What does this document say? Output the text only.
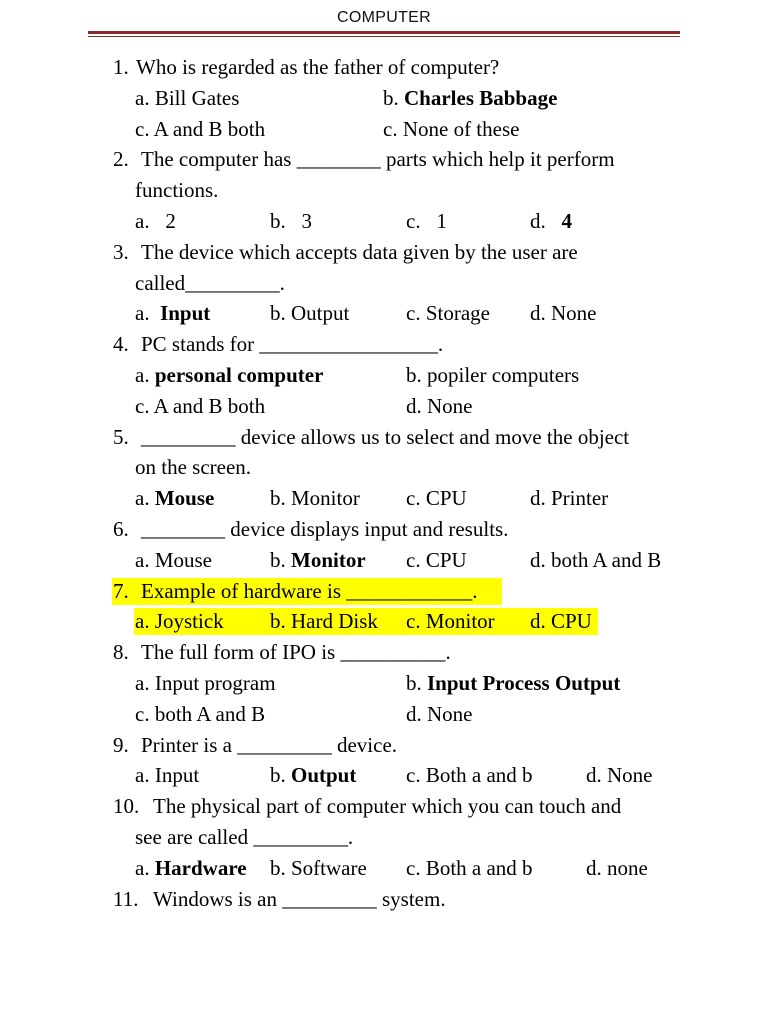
COMPUTER
1. Who is regarded as the father of computer?
a. Bill Gates	b. Charles Babbage
c. A and B both	c. None of these
2. The computer has ________ parts which help it perform
functions.
a. 2	b. 3	c. 1	d. 4
3. The device which accepts data given by the user are
called_________.
a. Input	b. Output	c. Storage d. None
4. PC stands for _________________.
a. personal computer	b. popiler computers
c. A and B both	d. None
5. _________ device allows us to select and move the object
on the screen.
a. Mouse	b. Monitor c. CPU	d. Printer
6. ________ device displays input and results.
a. Mouse	b. Monitor c. CPU	d. both A and B
7. Example of hardware is ____________.
a. Joystick b. Hard Disk c. Monitor d. CPU
8. The full form of IPO is __________.
a. Input program	b. Input Process Output
c. both A and B	d. None
9. Printer is a _________ device.
a. Input	b. Output c. Both a and b	d. None
10. The physical part of computer which you can touch and
see are called _________.
a. Hardware b. Software c. Both a and b	d. none
11. Windows is an _________ system.
